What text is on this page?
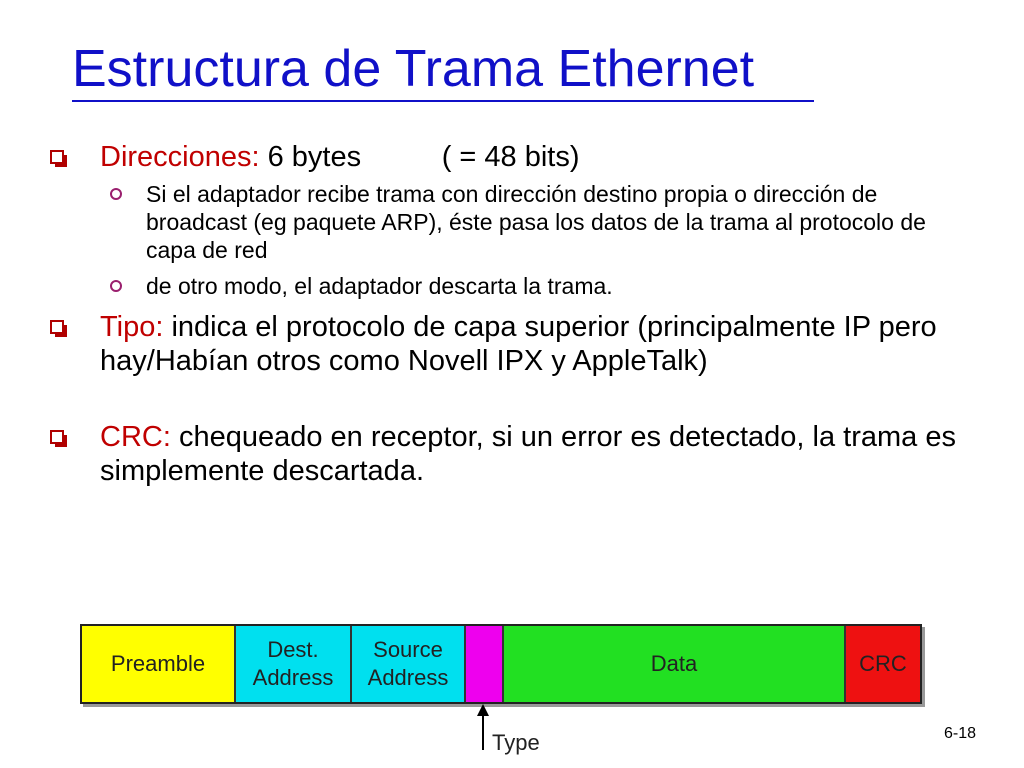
Estructura de Trama Ethernet
Direcciones: 6 bytes          ( = 48 bits)
Si el adaptador recibe trama con dirección destino propia o dirección de broadcast (eg paquete ARP), éste pasa los datos de la trama al protocolo de capa de red
de otro modo, el adaptador descarta la trama.
Tipo: indica el protocolo de capa superior (principalmente IP pero hay/Habían otros como Novell IPX y AppleTalk)
CRC: chequeado en receptor, si un error es detectado, la trama es simplemente descartada.
Preamble
Dest.
Address
Source
Address
Data	CRC
Type	6-18
